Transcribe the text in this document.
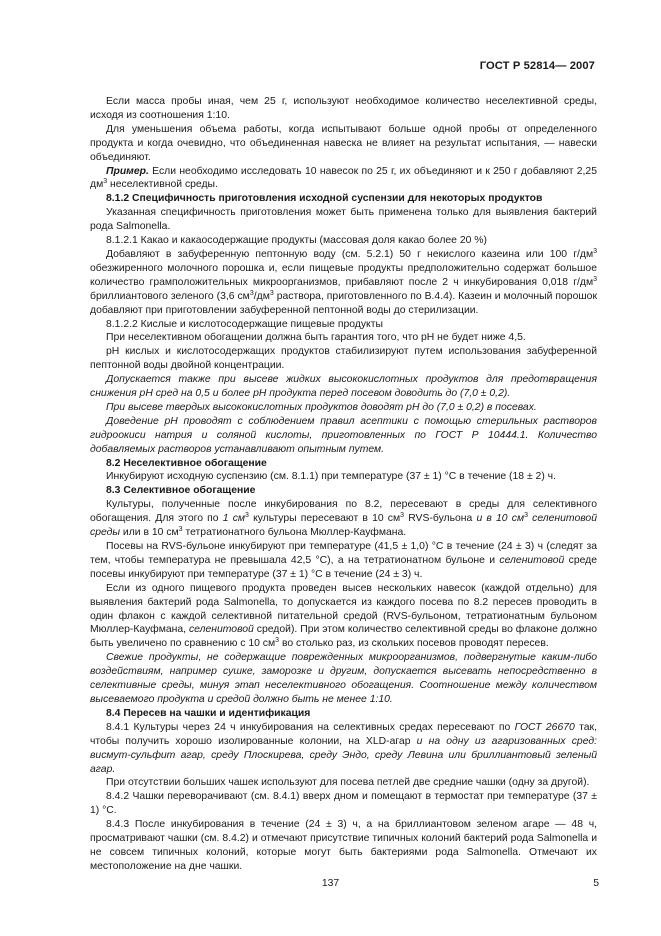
ГОСТ Р 52814— 2007

Если масса пробы иная, чем 25 г, используют необходимое количество неселективной среды, исходя из соотношения 1:10.

Для уменьшения объема работы, когда испытывают больше одной пробы от определенного продукта и когда очевидно, что объединенная навеска не влияет на результат испытания, — навески объединяют.

Пример. Если необходимо исследовать 10 навесок по 25 г, их объединяют и к 250 г добавляют 2,25 $дм^3$ неселективной среды.

8.1.2 Специфичность приготовления исходной суспензии для некоторых продуктов

Указанная специфичность приготовления может быть применена только для выявления бактерий рода Salmonella.

8.1.2.1 Какао и какаосодержащие продукты (массовая доля какао более 20 %)

Добавляют в забуференную пептонную воду (см. 5.2.1) 50 г некислого казеина или 100 $г/дм^3$ обезжиренного молочного порошка и, если пищевые продукты предположительно содержат большое количество грамположительных микроорганизмов, прибавляют после 2 ч инкубирования 0,018 $г/дм^3$ бриллиантового зеленого (3,6 $см^3/дм^3$ раствора, приготовленного по В.4.4). Казеин и молочный порошок добавляют при приготовлении забуференной пептонной воды до стерилизации.

8.1.2.2 Кислые и кислотосодержащие пищевые продукты

При неселективном обогащении должна быть гарантия того, что pH не будет ниже 4,5.

pH кислых и кислотосодержащих продуктов стабилизируют путем использования забуференной пептонной воды двойной концентрации.

Допускается также при высеве жидких высококислотных продуктов для предотвращения снижения pH сред на 0,5 и более pH продукта перед посевом доводить до (7,0 ± 0,2).

При высеве твердых высококислотных продуктов доводят pH до (7,0 ± 0,2) в посевах.

Доведение pH проводят с соблюдением правил асептики с помощью стерильных растворов гидроокиси натрия и соляной кислоты, приготовленных по ГОСТ Р 10444.1. Количество добавляемых растворов устанавливают опытным путем.

8.2 Неселективное обогащение

Инкубируют исходную суспензию (см. 8.1.1) при температуре (37 ± 1) °С в течение (18 ± 2) ч.

8.3 Селективное обогащение

Культуры, полученные после инкубирования по 8.2, пересевают в среды для селективного обогащения. Для этого по 1 $см^3$ культуры пересевают в 10 $см^3$ RVS-бульона и в 10 $см^3$ селенитовой среды или в 10 $см^3$ тетратионатного бульона Мюллер-Кауфмана.

Посевы на RVS-бульоне инкубируют при температуре (41,5 ± 1,0) °С в течение (24 ± 3) ч (следят за тем, чтобы температура не превышала 42,5 °С), а на тетратионатном бульоне и селенитовой среде посевы инкубируют при температуре (37 ± 1) °С в течение (24 ± 3) ч.

Если из одного пищевого продукта проведен высев нескольких навесок (каждой отдельно) для выявления бактерий рода Salmonella, то допускается из каждого посева по 8.2 пересев проводить в один флакон с каждой селективной питательной средой (RVS-бульоном, тетратионатным бульоном Мюллер-Кауфмана, селенитовой средой). При этом количество селективной среды во флаконе должно быть увеличено по сравнению с 10 $см^3$ во столько раз, из скольких посевов проводят пересев.

Свежие продукты, не содержащие поврежденных микроорганизмов, подвергнутые каким-либо воздействиям, например сушке, заморозке и другим, допускается высевать непосредственно в селективные среды, минуя этап неселективного обогащения. Соотношение между количеством высеваемого продукта и средой должно быть не менее 1:10.

8.4 Пересев на чашки и идентификация

8.4.1 Культуры через 24 ч инкубирования на селективных средах пересевают по ГОСТ 26670 так, чтобы получить хорошо изолированные колонии, на XLD-агар и на одну из агаризованных сред: висмут-сульфит агар, среду Плоскирева, среду Эндо, среду Левина или бриллиантовый зеленый агар.

При отсутствии больших чашек используют для посева петлей две средние чашки (одну за другой).

8.4.2 Чашки переворачивают (см. 8.4.1) вверх дном и помещают в термостат при температуре (37 ± 1) °С.

8.4.3 После инкубирования в течение (24 ± 3) ч, а на бриллиантовом зеленом агаре — 48 ч, просматривают чашки (см. 8.4.2) и отмечают присутствие типичных колоний бактерий рода Salmonella и не совсем типичных колоний, которые могут быть бактериями рода Salmonella. Отмечают их местоположение на дне чашки.

137	5
